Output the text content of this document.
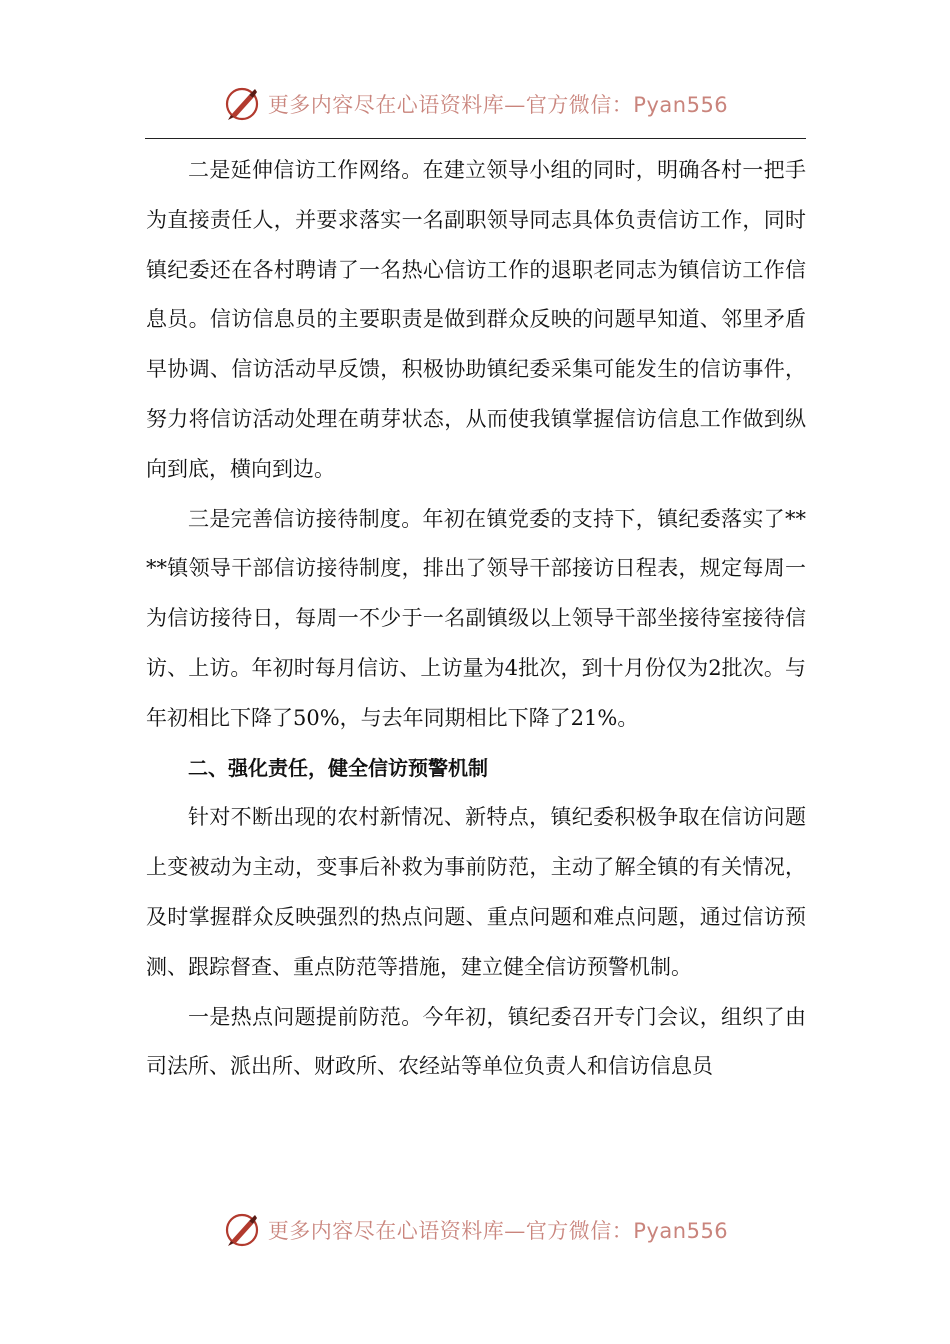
更多内容尽在心语资料库—官方微信：Pyan556

二是延伸信访工作网络。在建立领导小组的同时，明确各村一把手为直接责任人，并要求落实一名副职领导同志具体负责信访工作，同时镇纪委还在各村聘请了一名热心信访工作的退职老同志为镇信访工作信息员。信访信息员的主要职责是做到群众反映的问题早知道、邻里矛盾早协调、信访活动早反馈，积极协助镇纪委采集可能发生的信访事件，努力将信访活动处理在萌芽状态，从而使我镇掌握信访信息工作做到纵向到底，横向到边。

三是完善信访接待制度。年初在镇党委的支持下，镇纪委落实了****镇领导干部信访接待制度，排出了领导干部接访日程表，规定每周一为信访接待日，每周一不少于一名副镇级以上领导干部坐接待室接待信访、上访。年初时每月信访、上访量为4批次，到十月份仅为2批次。与年初相比下降了50%，与去年同期相比下降了21%。

二、强化责任，健全信访预警机制

针对不断出现的农村新情况、新特点，镇纪委积极争取在信访问题上变被动为主动，变事后补救为事前防范，主动了解全镇的有关情况，及时掌握群众反映强烈的热点问题、重点问题和难点问题，通过信访预测、跟踪督查、重点防范等措施，建立健全信访预警机制。

一是热点问题提前防范。今年初，镇纪委召开专门会议，组织了由司法所、派出所、财政所、农经站等单位负责人和信访信息员

更多内容尽在心语资料库—官方微信：Pyan556
